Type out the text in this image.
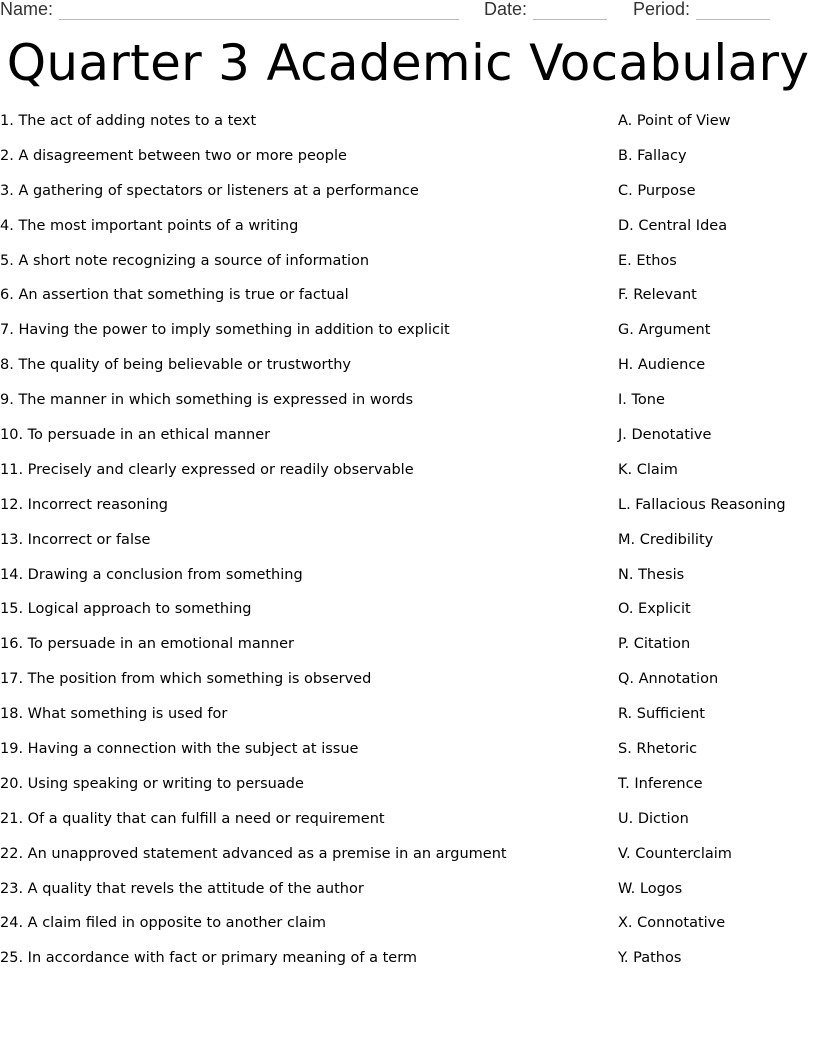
Name:	Date:	Period:
Quarter 3 Academic Vocabulary
1. The act of adding notes to a text	A. Point of View
2. A disagreement between two or more people	B. Fallacy
3. A gathering of spectators or listeners at a performance	C. Purpose
4. The most important points of a writing	D. Central Idea
5. A short note recognizing a source of information	E. Ethos
6. An assertion that something is true or factual	F. Relevant
7. Having the power to imply something in addition to explicit	G. Argument
8. The quality of being believable or trustworthy	H. Audience
9. The manner in which something is expressed in words	I. Tone
10. To persuade in an ethical manner	J. Denotative
11. Precisely and clearly expressed or readily observable	K. Claim
12. Incorrect reasoning	L. Fallacious Reasoning
13. Incorrect or false	M. Credibility
14. Drawing a conclusion from something	N. Thesis
15. Logical approach to something	O. Explicit
16. To persuade in an emotional manner	P. Citation
17. The position from which something is observed	Q. Annotation
18. What something is used for	R. Sufficient
19. Having a connection with the subject at issue	S. Rhetoric
20. Using speaking or writing to persuade	T. Inference
21. Of a quality that can fulfill a need or requirement	U. Diction
22. An unapproved statement advanced as a premise in an argument	V. Counterclaim
23. A quality that revels the attitude of the author	W. Logos
24. A claim filed in opposite to another claim	X. Connotative
25. In accordance with fact or primary meaning of a term	Y. Pathos
